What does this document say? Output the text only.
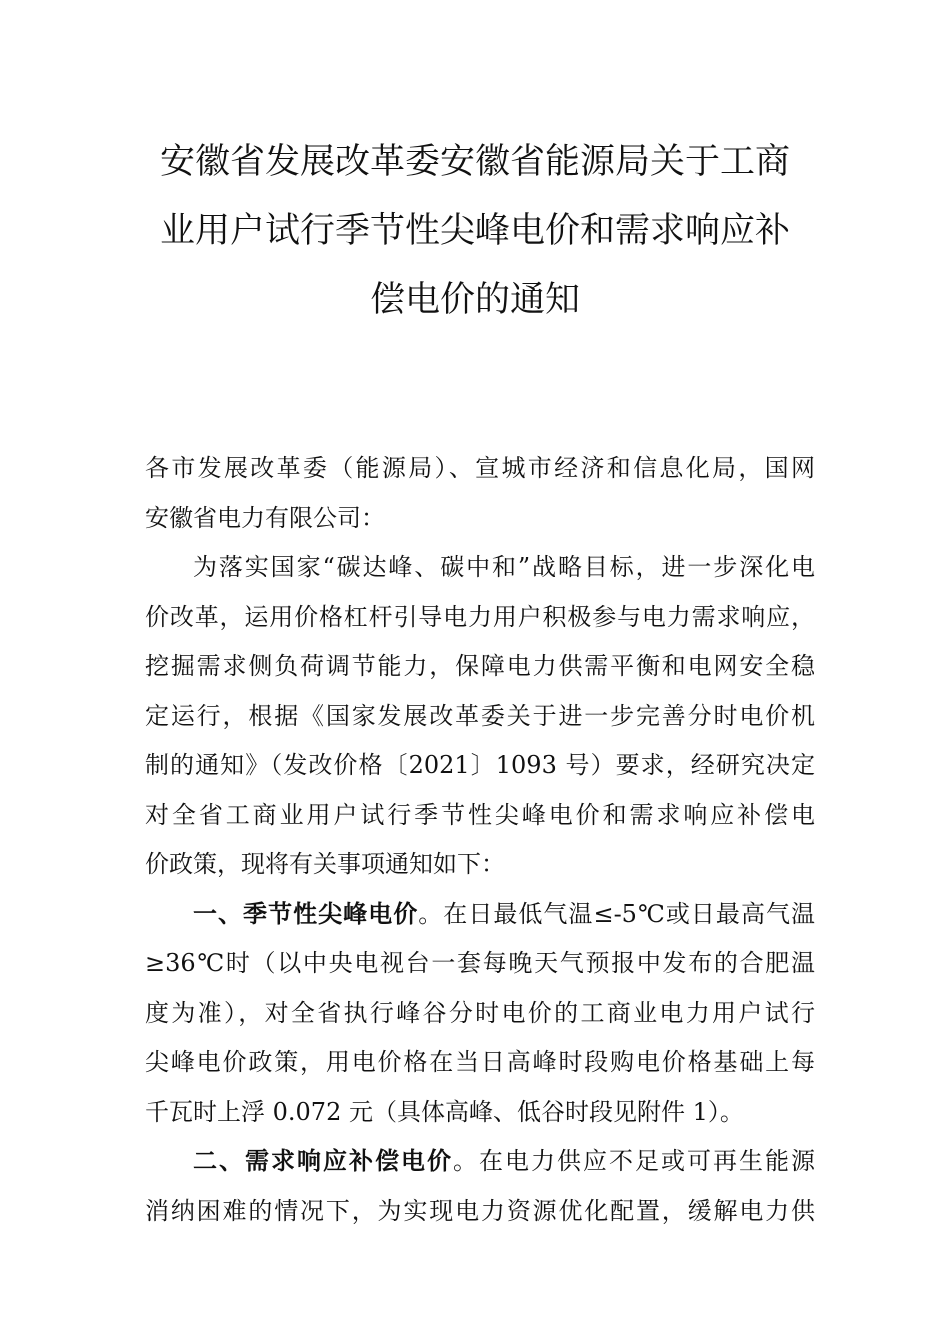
安徽省发展改革委安徽省能源局关于工商
业用户试行季节性尖峰电价和需求响应补
偿电价的通知
各市发展改革委（能源局）、宣城市经济和信息化局，国网
安徽省电力有限公司：
为落实国家“碳达峰、碳中和”战略目标，进一步深化电
价改革，运用价格杠杆引导电力用户积极参与电力需求响应，
挖掘需求侧负荷调节能力，保障电力供需平衡和电网安全稳
定运行，根据《国家发展改革委关于进一步完善分时电价机
制的通知》（发改价格〔2021〕1093 号）要求，经研究决定
对全省工商业用户试行季节性尖峰电价和需求响应补偿电
价政策，现将有关事项通知如下：
一、季节性尖峰电价。在日最低气温≤-5℃或日最高气温
≥36℃时（以中央电视台一套每晚天气预报中发布的合肥温
度为准），对全省执行峰谷分时电价的工商业电力用户试行
尖峰电价政策，用电价格在当日高峰时段购电价格基础上每
千瓦时上浮 0.072 元（具体高峰、低谷时段见附件 1）。
二、需求响应补偿电价。在电力供应不足或可再生能源
消纳困难的情况下，为实现电力资源优化配置，缓解电力供
